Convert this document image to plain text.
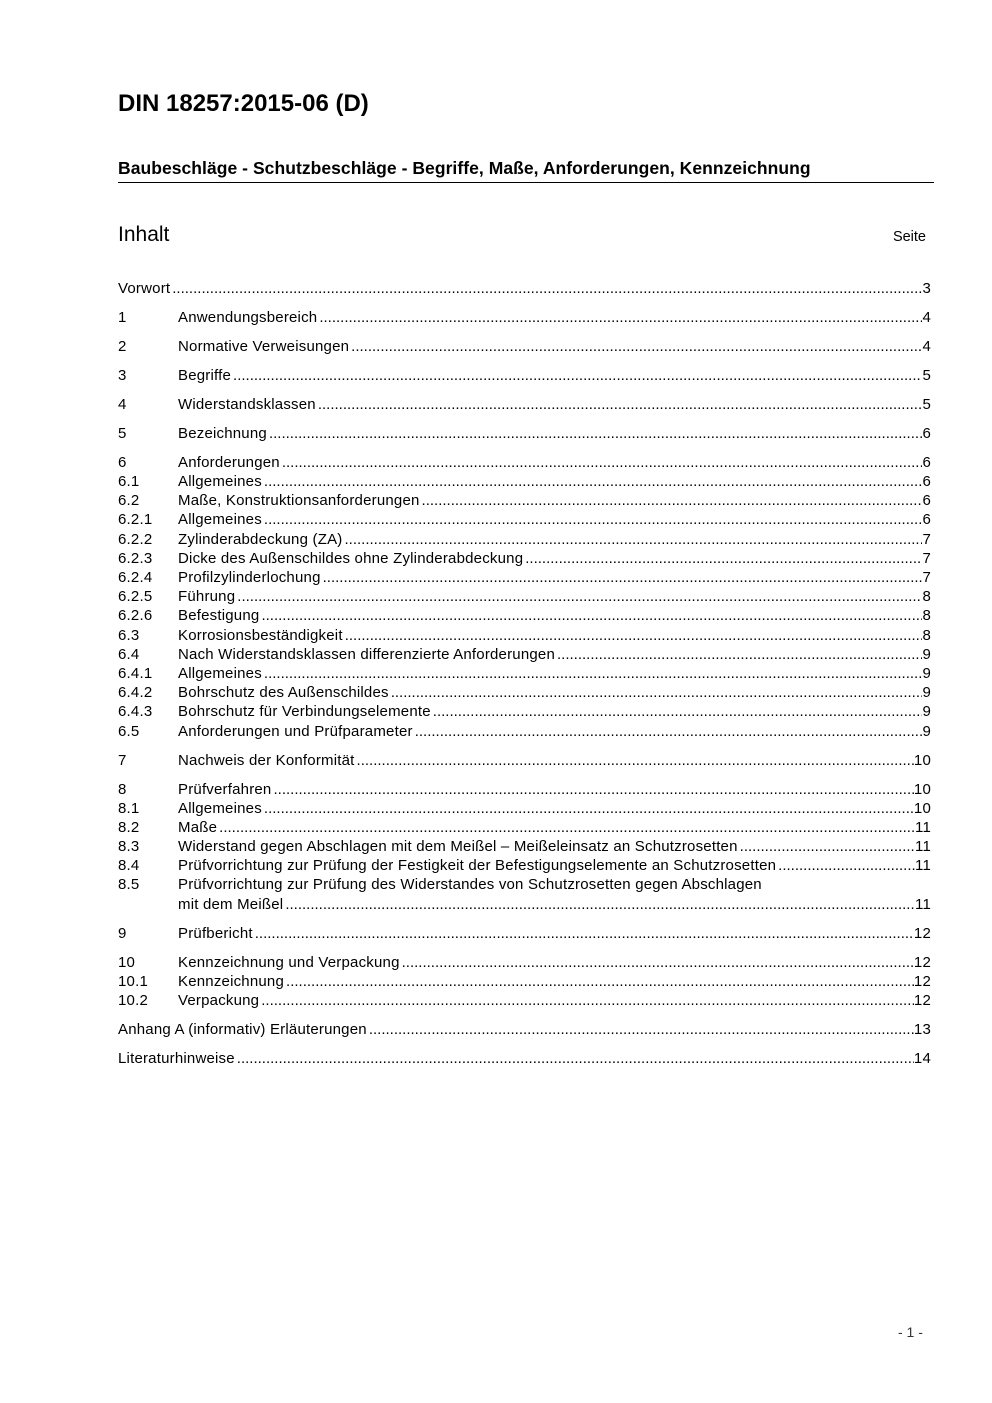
DIN 18257:2015-06 (D)
Baubeschläge - Schutzbeschläge - Begriffe, Maße, Anforderungen, Kennzeichnung
Inhalt	Seite
Vorwort .....	3
1	Anwendungsbereich .....	4
2	Normative Verweisungen .....	4
3	Begriffe .....	5
4	Widerstandsklassen .....	5
5	Bezeichnung .....	6
6	Anforderungen .....	6
6.1	Allgemeines .....	6
6.2	Maße, Konstruktionsanforderungen .....	6
6.2.1	Allgemeines .....	6
6.2.2	Zylinderabdeckung (ZA) .....	7
6.2.3	Dicke des Außenschildes ohne Zylinderabdeckung .....	7
6.2.4	Profilzylinderlochung .....	7
6.2.5	Führung .....	8
6.2.6	Befestigung .....	8
6.3	Korrosionsbeständigkeit .....	8
6.4	Nach Widerstandsklassen differenzierte Anforderungen .....	9
6.4.1	Allgemeines .....	9
6.4.2	Bohrschutz des Außenschildes .....	9
6.4.3	Bohrschutz für Verbindungselemente .....	9
6.5	Anforderungen und Prüfparameter .....	9
7	Nachweis der Konformität .....	10
8	Prüfverfahren .....	10
8.1	Allgemeines .....	10
8.2	Maße .....	11
8.3	Widerstand gegen Abschlagen mit dem Meißel – Meißeleinsatz an Schutzrosetten .....	11
8.4	Prüfvorrichtung zur Prüfung der Festigkeit der Befestigungselemente an Schutzrosetten .....	11
8.5	Prüfvorrichtung zur Prüfung des Widerstandes von Schutzrosetten gegen Abschlagen
mit dem Meißel .....	11
9	Prüfbericht .....	12
10	Kennzeichnung und Verpackung .....	12
10.1	Kennzeichnung .....	12
10.2	Verpackung .....	12
Anhang A (informativ) Erläuterungen .....	13
Literaturhinweise .....	14
- 1 -
